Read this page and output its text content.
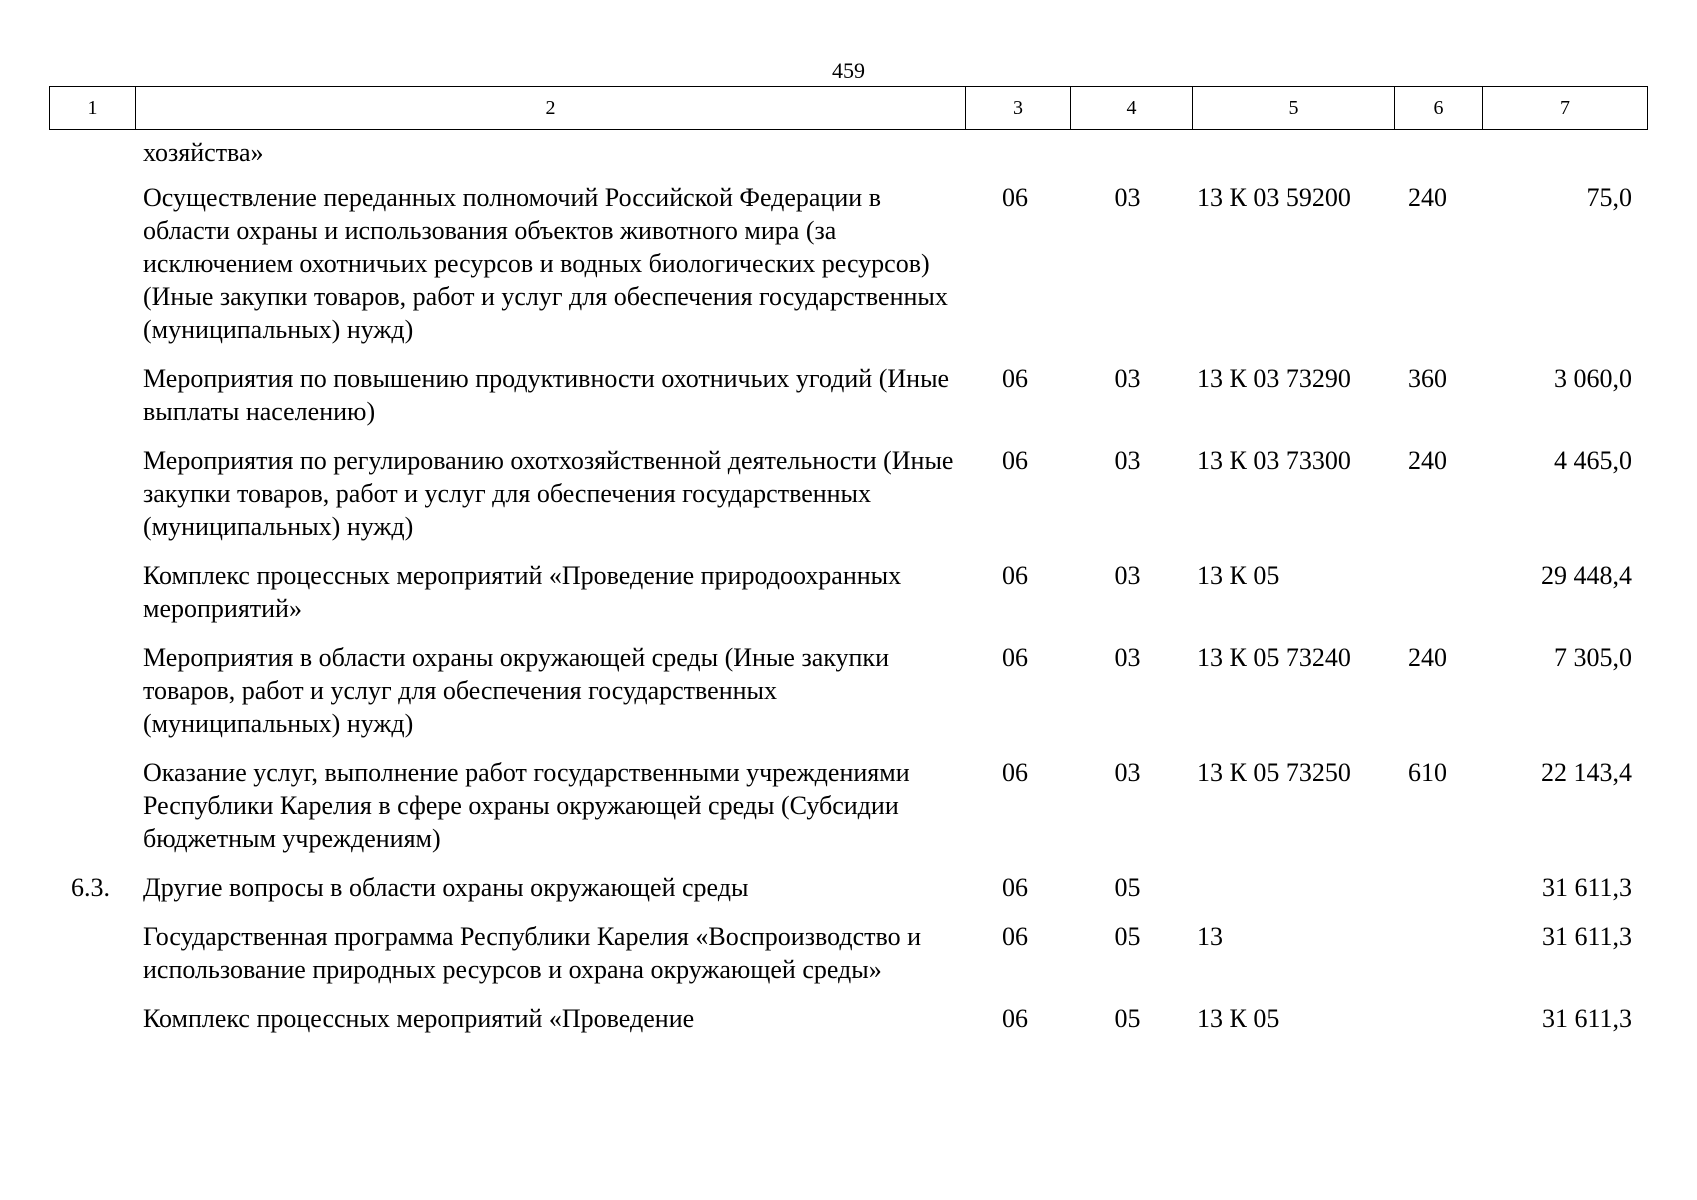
459
1	2	3	4	5	6	7
	хозяйства»					
	Осуществление переданных полномочий Российской Федерации в области охраны и использования объектов животного мира (за исключением охотничьих ресурсов и водных биологических ресурсов) (Иные закупки товаров, работ и услуг для обеспечения государственных (муниципальных) нужд)	06	03	13 К 03 59200	240	75,0
	Мероприятия по повышению продуктивности охотничьих угодий (Иные выплаты населению)	06	03	13 К 03 73290	360	3 060,0
	Мероприятия по регулированию охотхозяйственной деятельности (Иные закупки товаров, работ и услуг для обеспечения государственных (муниципальных) нужд)	06	03	13 К 03 73300	240	4 465,0
	Комплекс процессных мероприятий «Проведение природоохранных мероприятий»	06	03	13 К 05		29 448,4
	Мероприятия в области охраны окружающей среды (Иные закупки товаров, работ и услуг для обеспечения государственных (муниципальных) нужд)	06	03	13 К 05 73240	240	7 305,0
	Оказание услуг, выполнение работ государственными учреждениями Республики Карелия в сфере охраны окружающей среды (Субсидии бюджетным учреждениям)	06	03	13 К 05 73250	610	22 143,4
6.3.	Другие вопросы в области охраны окружающей среды	06	05			31 611,3
	Государственная программа Республики Карелия «Воспроизводство и использование природных ресурсов и охрана окружающей среды»	06	05	13		31 611,3
	Комплекс процессных мероприятий «Проведение	06	05	13 К 05		31 611,3
